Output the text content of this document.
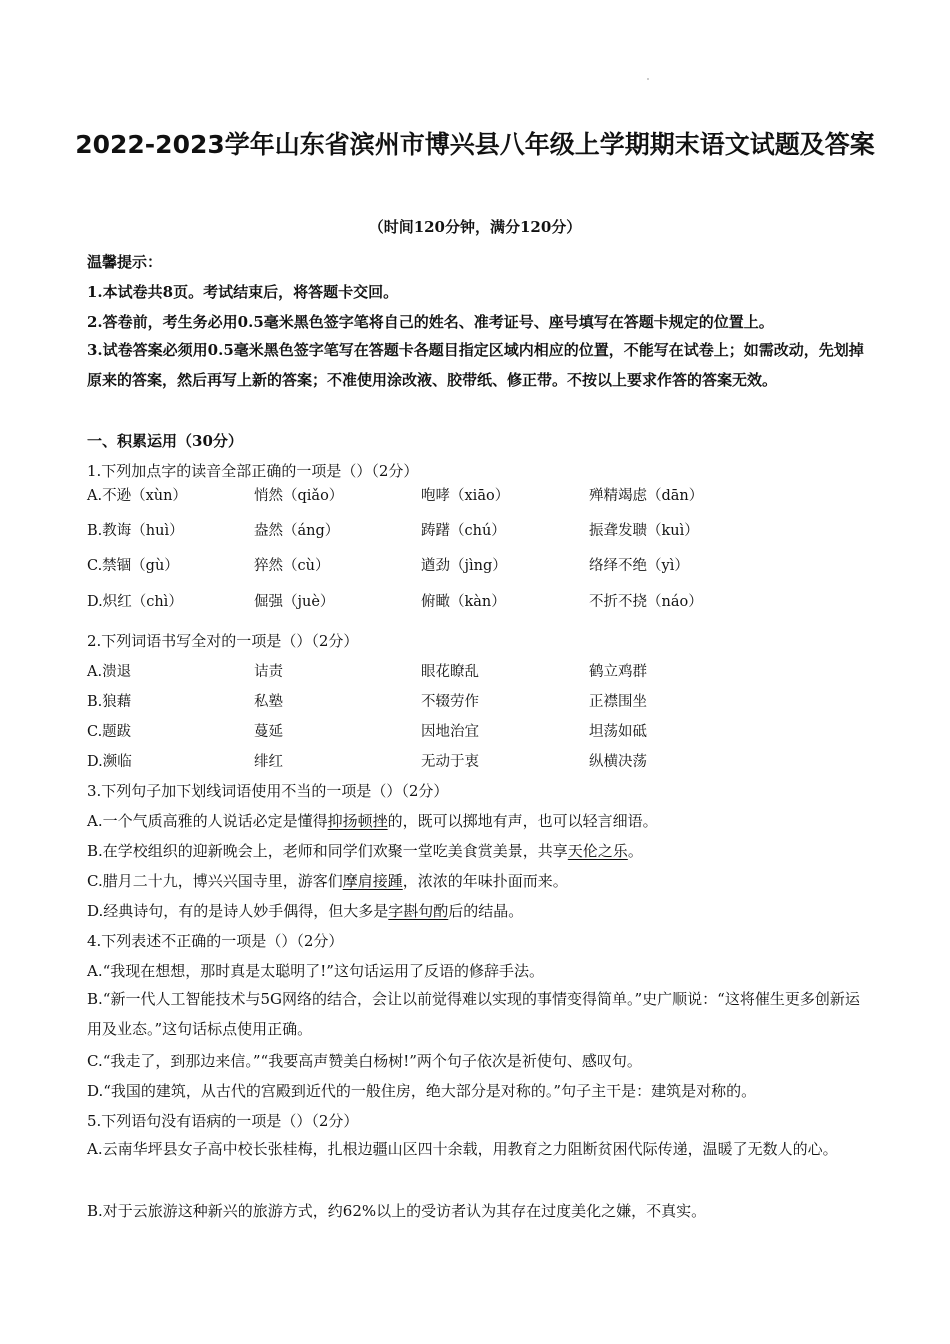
2022-2023学年山东省滨州市博兴县八年级上学期期末语文试题及答案
（时间120分钟，满分120分）
温馨提示：
1.本试卷共8页。考试结束后，将答题卡交回。
2.答卷前，考生务必用0.5毫米黑色签字笔将自己的姓名、准考证号、座号填写在答题卡规定的位置上。
3.试卷答案必须用0.5毫米黑色签字笔写在答题卡各题目指定区域内相应的位置，不能写在试卷上；如需改动，先划掉原来的答案，然后再写上新的答案；不准使用涂改液、胶带纸、修正带。不按以上要求作答的答案无效。
一、积累运用（30分）
1.下列加点字的读音全部正确的一项是（）（2分）
A.不逊（xùn）	悄然（qiǎo）	咆哮（xiāo）	殚精竭虑（dān）
B.教诲（huì）	盎然（áng）	踌躇（chú）	振聋发聩（kuì）
C.禁锢（gù）	猝然（cù）	遒劲（jìng）	络绎不绝（yì）
D.炽红（chì）	倔强（juè）	俯瞰（kàn）	不折不挠（náo）
2.下列词语书写全对的一项是（）（2分）
A.溃退	诘责	眼花瞭乱	鹤立鸡群
B.狼藉	私塾	不辍劳作	正襟围坐
C.题跋	蔓延	因地治宜	坦荡如砥
D.濒临	绯红	无动于衷	纵横决荡
3.下列句子加下划线词语使用不当的一项是（）（2分）
A.一个气质高雅的人说话必定是懂得抑扬顿挫的，既可以掷地有声，也可以轻言细语。
B.在学校组织的迎新晚会上，老师和同学们欢聚一堂吃美食赏美景，共享天伦之乐。
C.腊月二十九，博兴兴国寺里，游客们摩肩接踵，浓浓的年味扑面而来。
D.经典诗句，有的是诗人妙手偶得，但大多是字斟句酌后的结晶。
4.下列表述不正确的一项是（）（2分）
A.“我现在想想，那时真是太聪明了!”这句话运用了反语的修辞手法。
B.“新一代人工智能技术与5G网络的结合，会让以前觉得难以实现的事情变得简单。”史广顺说：“这将催生更多创新运用及业态。”这句话标点使用正确。
C.“我走了，到那边来信。”“我要高声赞美白杨树!”两个句子依次是祈使句、感叹句。
D.“我国的建筑，从古代的宫殿到近代的一般住房，绝大部分是对称的。”句子主干是：建筑是对称的。
5.下列语句没有语病的一项是（）（2分）
A.云南华坪县女子高中校长张桂梅，扎根边疆山区四十余载，用教育之力阻断贫困代际传递，温暖了无数人的心。
B.对于云旅游这种新兴的旅游方式，约62%以上的受访者认为其存在过度美化之嫌，不真实。
